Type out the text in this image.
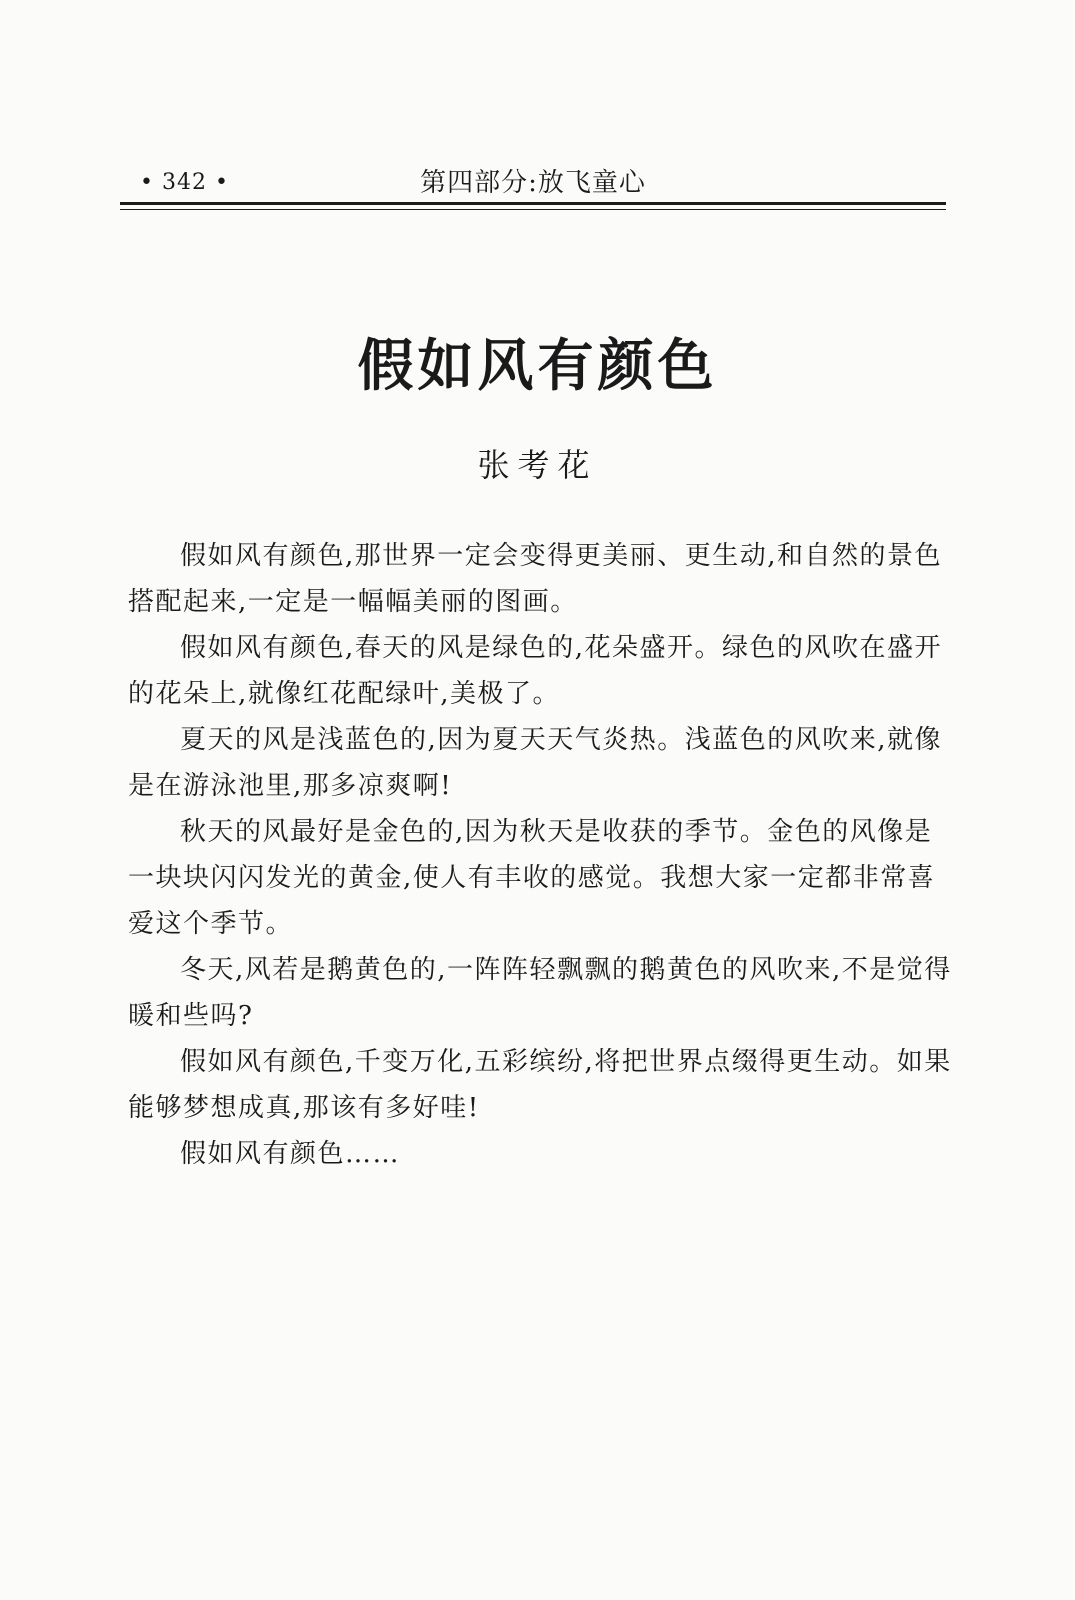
• 342 •	第四部分:放飞童心
假如风有颜色
张考花

假如风有颜色,那世界一定会变得更美丽、更生动,和自然的景色搭配起来,一定是一幅幅美丽的图画。

假如风有颜色,春天的风是绿色的,花朵盛开。绿色的风吹在盛开的花朵上,就像红花配绿叶,美极了。

夏天的风是浅蓝色的,因为夏天天气炎热。浅蓝色的风吹来,就像是在游泳池里,那多凉爽啊!

秋天的风最好是金色的,因为秋天是收获的季节。金色的风像是一块块闪闪发光的黄金,使人有丰收的感觉。我想大家一定都非常喜爱这个季节。

冬天,风若是鹅黄色的,一阵阵轻飘飘的鹅黄色的风吹来,不是觉得暖和些吗?

假如风有颜色,千变万化,五彩缤纷,将把世界点缀得更生动。如果能够梦想成真,那该有多好哇!

假如风有颜色……
